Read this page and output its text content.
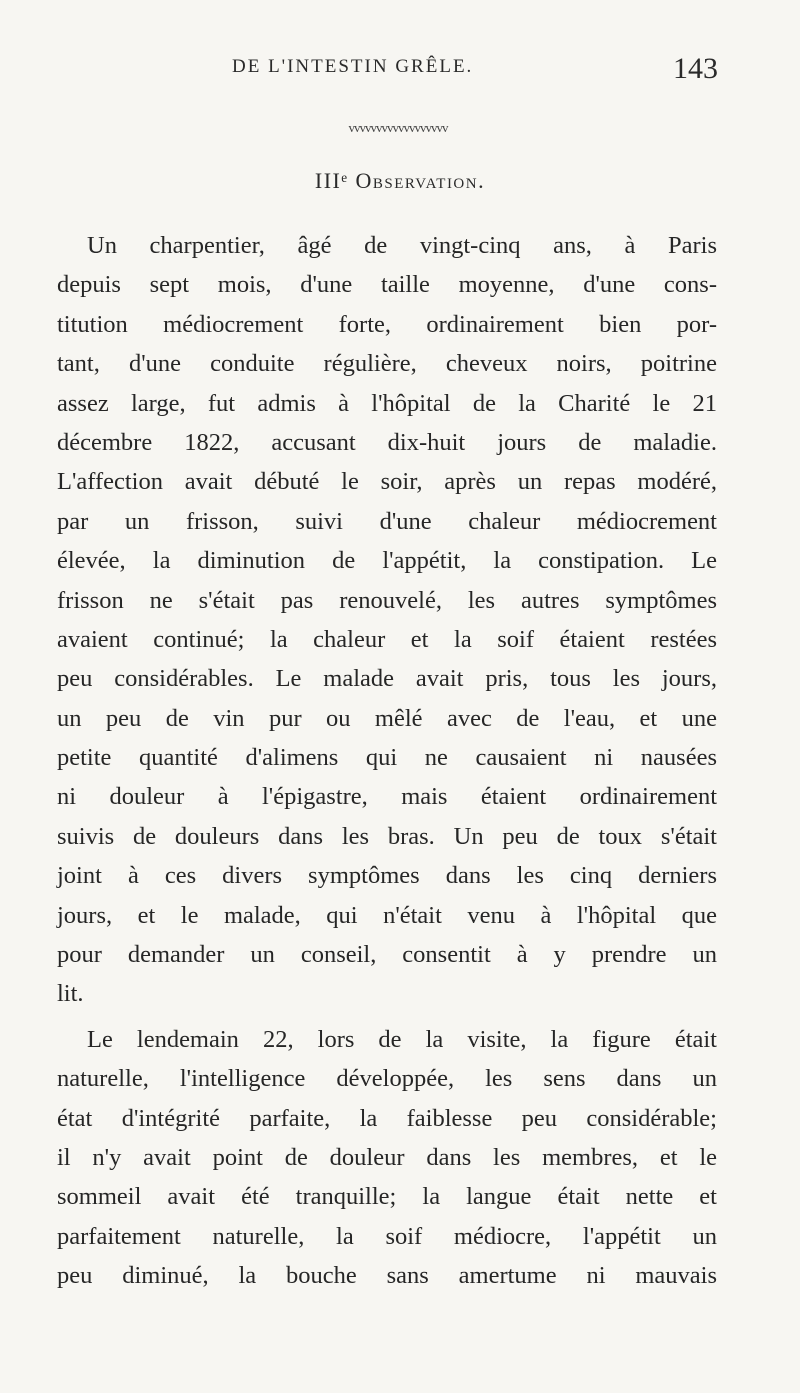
DE L'INTESTIN GRÊLE.	143
vvvvvvvvvvvvvvvvvv
IIIᵉ Observation.

Un charpentier, âgé de vingt-cinq ans, à Paris
depuis sept mois, d'une taille moyenne, d'une cons-
titution médiocrement forte, ordinairement bien por-
tant, d'une conduite régulière, cheveux noirs, poitrine
assez large, fut admis à l'hôpital de la Charité le 21
décembre 1822, accusant dix-huit jours de maladie.
L'affection avait débuté le soir, après un repas modéré,
par un frisson, suivi d'une chaleur médiocrement
élevée, la diminution de l'appétit, la constipation. Le
frisson ne s'était pas renouvelé, les autres symptômes
avaient continué; la chaleur et la soif étaient restées
peu considérables. Le malade avait pris, tous les jours,
un peu de vin pur ou mêlé avec de l'eau, et une
petite quantité d'alimens qui ne causaient ni nausées
ni douleur à l'épigastre, mais étaient ordinairement
suivis de douleurs dans les bras. Un peu de toux s'était
joint à ces divers symptômes dans les cinq derniers
jours, et le malade, qui n'était venu à l'hôpital que
pour demander un conseil, consentit à y prendre un
lit.

Le lendemain 22, lors de la visite, la figure était
naturelle, l'intelligence développée, les sens dans un
état d'intégrité parfaite, la faiblesse peu considérable;
il n'y avait point de douleur dans les membres, et le
sommeil avait été tranquille; la langue était nette et
parfaitement naturelle, la soif médiocre, l'appétit un
peu diminué, la bouche sans amertume ni mauvais
